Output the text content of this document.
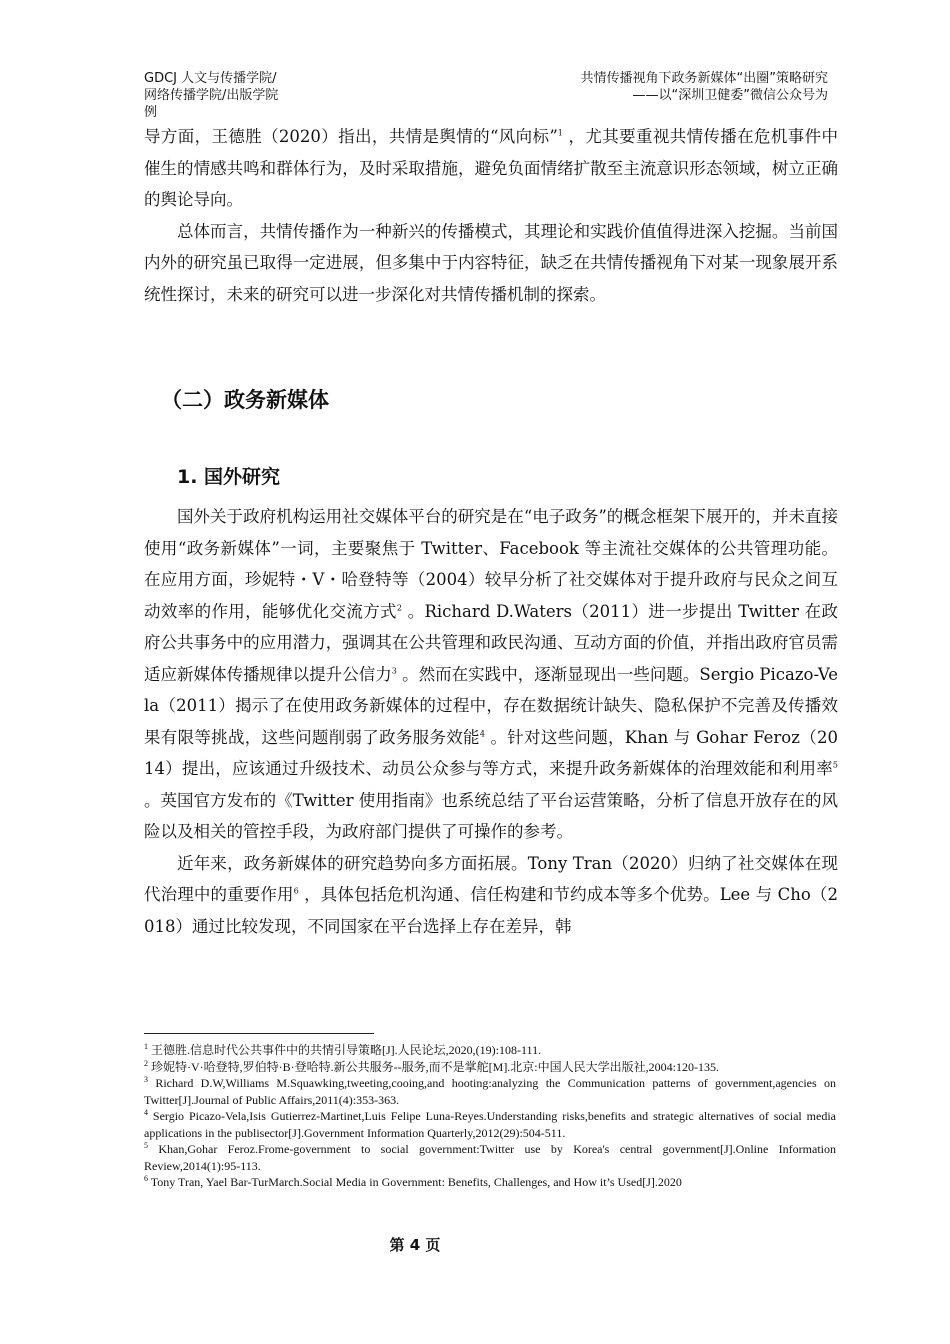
GDCJ 人文与传播学院/
网络传播学院/出版学院
例
共情传播视角下政务新媒体“出圈”策略研究
——以“深圳卫健委”微信公众号为

导方面，王德胜（2020）指出，共情是舆情的“风向标”$^1$ ，尤其要重视共情传播在危机事件中催生的情感共鸣和群体行为，及时采取措施，避免负面情绪扩散至主流意识形态领域，树立正确的舆论导向。

总体而言，共情传播作为一种新兴的传播模式，其理论和实践价值值得进深入挖掘。当前国内外的研究虽已取得一定进展，但多集中于内容特征，缺乏在共情传播视角下对某一现象展开系统性探讨，未来的研究可以进一步深化对共情传播机制的探索。

（二）政务新媒体
1. 国外研究

国外关于政府机构运用社交媒体平台的研究是在“电子政务”的概念框架下展开的，并未直接使用“政务新媒体”一词，主要聚焦于 Twitter、Facebook 等主流社交媒体的公共管理功能。在应用方面，珍妮特・V・哈登特等（2004）较早分析了社交媒体对于提升政府与民众之间互动效率的作用，能够优化交流方式$^2$ 。Richard D.Waters（2011）进一步提出 Twitter 在政府公共事务中的应用潜力，强调其在公共管理和政民沟通、互动方面的价值，并指出政府官员需适应新媒体传播规律以提升公信力$^3$ 。然而在实践中，逐渐显现出一些问题。Sergio Picazo-Vela（2011）揭示了在使用政务新媒体的过程中，存在数据统计缺失、隐私保护不完善及传播效果有限等挑战，这些问题削弱了政务服务效能$^4$ 。针对这些问题，Khan 与 Gohar Feroz（2014）提出，应该通过升级技术、动员公众参与等方式，来提升政务新媒体的治理效能和利用率$^5$ 。英国官方发布的《Twitter 使用指南》也系统总结了平台运营策略，分析了信息开放存在的风险以及相关的管控手段，为政府部门提供了可操作的参考。

近年来，政务新媒体的研究趋势向多方面拓展。Tony Tran（2020）归纳了社交媒体在现代治理中的重要作用$^6$ ，具体包括危机沟通、信任构建和节约成本等多个优势。Lee 与 Cho（2018）通过比较发现，不同国家在平台选择上存在差异，韩

$^1$ 王德胜.信息时代公共事件中的共情引导策略[J].人民论坛,2020,(19):108-111.

$^2$ 珍妮特·V·哈登特,罗伯特·B·登哈特.新公共服务--服务,而不是掌舵[M].北京:中国人民大学出版社,2004:120-135.

$^3$ Richard D.W,Williams M.Squawking,tweeting,cooing,and hooting:analyzing the Communication patterns of government,agencies on Twitter[J].Journal of Public Affairs,2011(4):353-363.

$^4$ Sergio Picazo-Vela,Isis Gutierrez-Martinet,Luis Felipe Luna-Reyes.Understanding risks,benefits and strategic alternatives of social media applications in the publisector[J].Government Information Quarterly,2012(29):504-511.

$^5$ Khan,Gohar Feroz.Frome-government to social government:Twitter use by Korea's central government[J].Online Information Review,2014(1):95-113.

$^6$ Tony Tran, Yael Bar-TurMarch.Social Media in Government: Benefits, Challenges, and How it’s Used[J].2020

第 4 页
